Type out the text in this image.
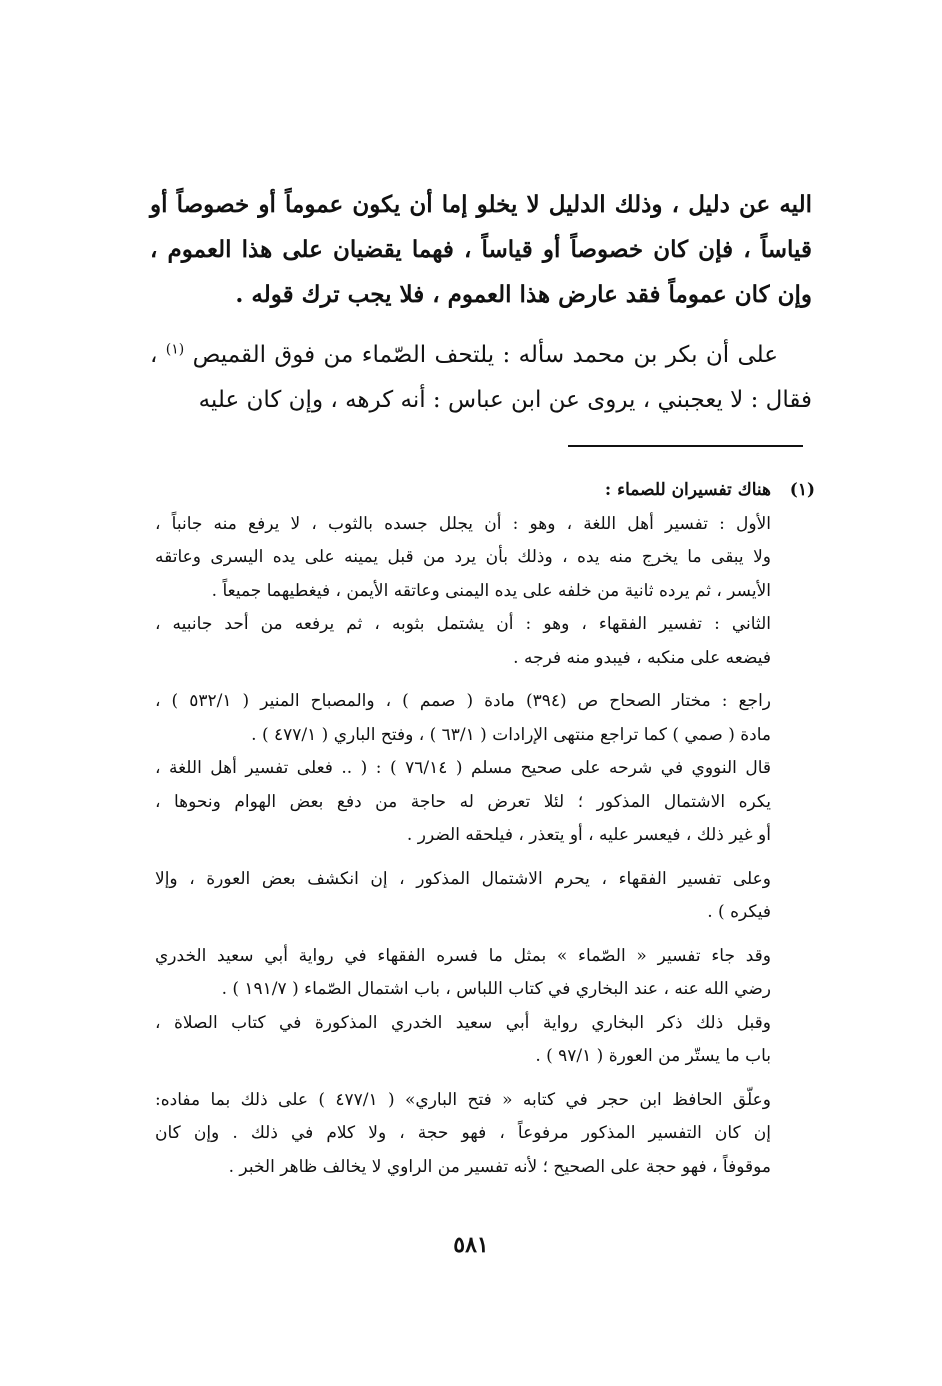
اليه عن دليل ، وذلك الدليل لا يخلو إما أن يكون عموماً أو خصوصاً أو قياساً ، فإن كان خصوصاً أو قياساً ، فهما يقضيان على هذا العموم ، وإن كان عموماً فقد عارض هذا العموم ، فلا يجب ترك قوله .

على أن بكر بن محمد سأله : يلتحف الصّماء من فوق القميص $^{(١)}$ ، فقال : لا يعجبني ، يروى عن ابن عباس : أنه كرهه ، وإن كان عليه

(١)
هناك تفسيران للصماء :
الأول : تفسير أهل اللغة ، وهو : أن يجلل جسده بالثوب ، لا يرفع منه جانباً ،
ولا يبقى ما يخرج منه يده ، وذلك بأن يرد من قبل يمينه على يده اليسرى وعاتقه
الأيسر ، ثم يرده ثانية من خلفه على يده اليمنى وعاتقه الأيمن ، فيغطيهما جميعاً .
الثاني : تفسير الفقهاء ، وهو : أن يشتمل بثوبه ، ثم يرفعه من أحد جانبيه ،
فيضعه على منكبه ، فيبدو منه فرجه .
راجع : مختار الصحاح ص (٣٩٤) مادة ( صمم ) ، والمصباح المنير ( ٥٣٢/١ ) ،
مادة ( صمي ) كما تراجع منتهى الإرادات ( ٦٣/١ ) ، وفتح الباري ( ٤٧٧/١ ) .
قال النووي في شرحه على صحيح مسلم ( ٧٦/١٤ ) : ( .. فعلى تفسير أهل اللغة ،
يكره الاشتمال المذكور ؛ لئلا تعرض له حاجة من دفع بعض الهوام ونحوها ،
أو غير ذلك ، فيعسر عليه ، أو يتعذر ، فيلحقه الضرر .
وعلى تفسير الفقهاء ، يحرم الاشتمال المذكور ، إن انكشف بعض العورة ، وإلا
فيكره ) .
وقد جاء تفسير « الصّماء » بمثل ما فسره الفقهاء في رواية أبي سعيد الخدري
رضي الله عنه ، عند البخاري في كتاب اللباس ، باب اشتمال الصّماء ( ١٩١/٧ ) .
وقبل ذلك ذكر البخاري رواية أبي سعيد الخدري المذكورة في كتاب الصلاة ،
باب ما يستّر من العورة ( ٩٧/١ ) .
وعلّق الحافظ ابن حجر في كتابه « فتح الباري» ( ٤٧٧/١ ) على ذلك بما مفاده:
إن كان التفسير المذكور مرفوعاً ، فهو حجة ، ولا كلام في ذلك . وإن كان
موقوفاً ، فهو حجة على الصحيح ؛ لأنه تفسير من الراوي لا يخالف ظاهر الخبر .
٥٨١
